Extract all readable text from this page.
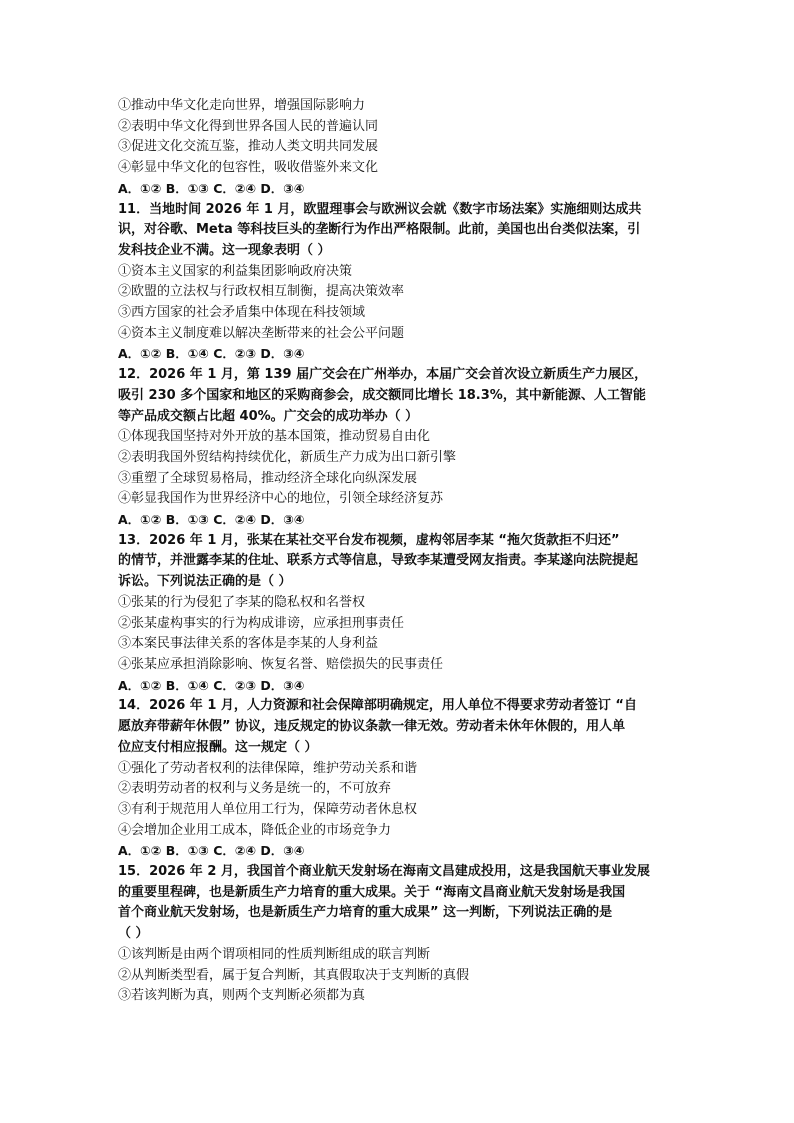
①推动中华文化走向世界，增强国际影响力
②表明中华文化得到世界各国人民的普遍认同
③促进文化交流互鉴，推动人类文明共同发展
④彰显中华文化的包容性，吸收借鉴外来文化
A．①② B．①③ C．②④ D．③④
11．当地时间 2026 年 1 月，欧盟理事会与欧洲议会就《数字市场法案》实施细则达成共
识，对谷歌、Meta 等科技巨头的垄断行为作出严格限制。此前，美国也出台类似法案，引
发科技企业不满。这一现象表明（ ）
①资本主义国家的利益集团影响政府决策
②欧盟的立法权与行政权相互制衡，提高决策效率
③西方国家的社会矛盾集中体现在科技领域
④资本主义制度难以解决垄断带来的社会公平问题
A．①② B．①④ C．②③ D．③④
12．2026 年 1 月，第 139 届广交会在广州举办，本届广交会首次设立新质生产力展区，
吸引 230 多个国家和地区的采购商参会，成交额同比增长 18.3%，其中新能源、人工智能
等产品成交额占比超 40%。广交会的成功举办（ ）
①体现我国坚持对外开放的基本国策，推动贸易自由化
②表明我国外贸结构持续优化，新质生产力成为出口新引擎
③重塑了全球贸易格局，推动经济全球化向纵深发展
④彰显我国作为世界经济中心的地位，引领全球经济复苏
A．①② B．①③ C．②④ D．③④
13．2026 年 1 月，张某在某社交平台发布视频，虚构邻居李某 “拖欠货款拒不归还”
的情节，并泄露李某的住址、联系方式等信息，导致李某遭受网友指责。李某遂向法院提起
诉讼。下列说法正确的是（ ）
①张某的行为侵犯了李某的隐私权和名誉权
②张某虚构事实的行为构成诽谤，应承担刑事责任
③本案民事法律关系的客体是李某的人身利益
④张某应承担消除影响、恢复名誉、赔偿损失的民事责任
A．①② B．①④ C．②③ D．③④
14．2026 年 1 月，人力资源和社会保障部明确规定，用人单位不得要求劳动者签订 “自
愿放弃带薪年休假” 协议，违反规定的协议条款一律无效。劳动者未休年休假的，用人单
位应支付相应报酬。这一规定（ ）
①强化了劳动者权利的法律保障，维护劳动关系和谐
②表明劳动者的权利与义务是统一的，不可放弃
③有利于规范用人单位用工行为，保障劳动者休息权
④会增加企业用工成本，降低企业的市场竞争力
A．①② B．①③ C．②④ D．③④
15．2026 年 2 月，我国首个商业航天发射场在海南文昌建成投用，这是我国航天事业发展
的重要里程碑，也是新质生产力培育的重大成果。关于 “海南文昌商业航天发射场是我国
首个商业航天发射场，也是新质生产力培育的重大成果” 这一判断，下列说法正确的是
（ ）
①该判断是由两个谓项相同的性质判断组成的联言判断
②从判断类型看，属于复合判断，其真假取决于支判断的真假
③若该判断为真，则两个支判断必须都为真
